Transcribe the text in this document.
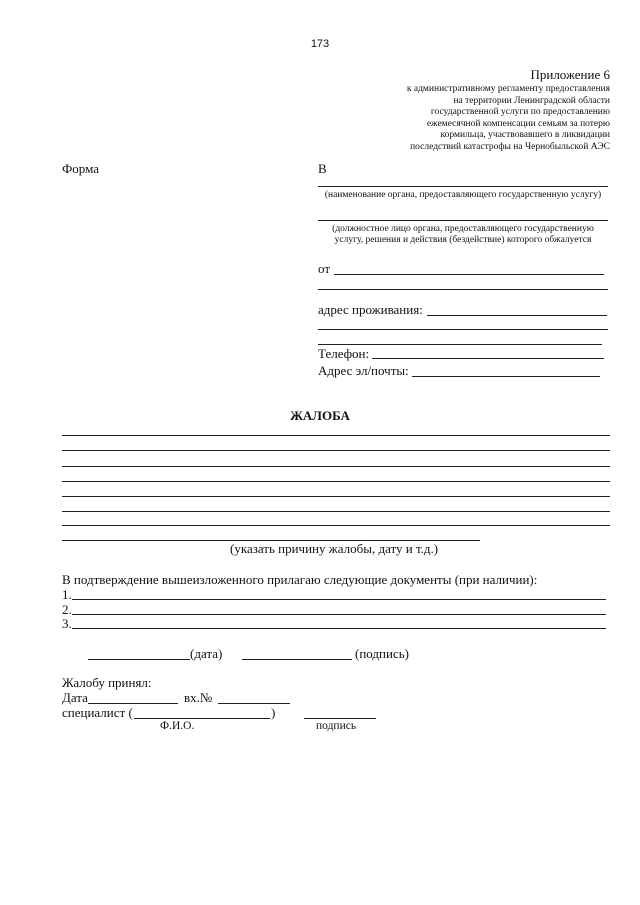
173
Приложение 6
к административному регламенту предоставления
на территории Ленинградской области
государственной услуги по предоставлению
ежемесячной компенсации семьям за потерю
кормильца, участвовавшего в ликвидации
последствий катастрофы на Чернобыльской АЭС
Форма	В
(наименование органа, предоставляющего государственную услугу)
(должностное лицо органа, предоставляющего государственную
услугу, решения и действия (бездействие) которого обжалуется
от
адрес проживания:
Телефон:
Адрес эл/почты:
ЖАЛОБА
(указать причину жалобы, дату и т.д.)
В подтверждение вышеизложенного прилагаю следующие документы (при наличии):
1.
2.
3.
(дата)	(подпись)
Жалобу принял:
Дата	вх.№
специалист (	)
Ф.И.О.	подпись
